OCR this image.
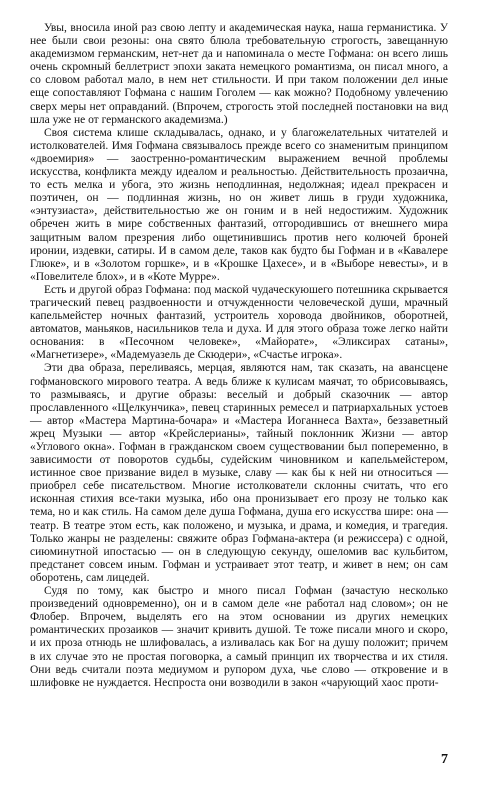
Увы, вносила иной раз свою лепту и академическая наука, наша германистика. У нее были свои резоны: она свято блюла требовательную строгость, завещанную академизмом германским, нет-нет да и напоминала о месте Гофмана: он всего лишь очень скромный беллетрист эпохи заката немецкого романтизма, он писал много, а со словом работал мало, в нем нет стильности. И при таком положении дел иные еще сопоставляют Гофмана с нашим Гоголем — как можно? Подобному увлечению сверх меры нет оправданий. (Впрочем, строгость этой последней постановки на вид шла уже не от германского академизма.)

Своя система клише складывалась, однако, и у благожелательных читателей и истолкователей. Имя Гофмана связывалось прежде всего со знаменитым принципом «двоемирия» — заостренно-романтическим выражением вечной проблемы искусства, конфликта между идеалом и реальностью. Действительность прозаична, то есть мелка и убога, это жизнь неподлинная, недолжная; идеал прекрасен и поэтичен, он — подлинная жизнь, но он живет лишь в груди художника, «энтузиаста», действительностью же он гоним и в ней недостижим. Художник обречен жить в мире собственных фантазий, отгородившись от внешнего мира защитным валом презрения либо ощетинившись против него колючей броней иронии, издевки, сатиры. И в самом деле, таков как будто бы Гофман и в «Кавалере Глюке», и в «Золотом горшке», и в «Крошке Цахесе», и в «Выборе невесты», и в «Повелителе блох», и в «Коте Мурре».

Есть и другой образ Гофмана: под маской чудаческуюшего потешника скрывается трагический певец раздвоенности и отчужденности человеческой души, мрачный капельмейстер ночных фантазий, устроитель хоровода двойников, оборотней, автоматов, маньяков, насильников тела и духа. И для этого образа тоже легко найти основания: в «Песочном человеке», «Майорате», «Эликсирах сатаны», «Магнетизере», «Мадемуазель де Скюдери», «Счастье игрока».

Эти два образа, переливаясь, мерцая, являются нам, так сказать, на авансцене гофмановского мирового театра. А ведь ближе к кулисам маячат, то обрисовываясь, то размываясь, и другие образы: веселый и добрый сказочник — автор прославленного «Щелкунчика», певец старинных ремесел и патриархальных устоев — автор «Мастера Мартина-бочара» и «Мастера Иоганнеса Вахта», беззаветный жрец Музыки — автор «Крейслерианы», тайный поклонник Жизни — автор «Углового окна». Гофман в гражданском своем существовании был попеременно, в зависимости от поворотов судьбы, судейским чиновником и капельмейстером, истинное свое призвание видел в музыке, славу — как бы к ней ни относиться — приобрел себе писательством. Многие истолкователи склонны считать, что его исконная стихия все-таки музыка, ибо она пронизывает его прозу не только как тема, но и как стиль. На самом деле душа Гофмана, душа его искусства шире: она — театр. В театре этом есть, как положено, и музыка, и драма, и комедия, и трагедия. Только жанры не разделены: свяжите образ Гофмана-актера (и режиссера) с одной, сиюминутной ипостасью — он в следующую секунду, ошеломив вас кульбитом, предстанет совсем иным. Гофман и устраивает этот театр, и живет в нем; он сам оборотень, сам лицедей.

Судя по тому, как быстро и много писал Гофман (зачастую несколько произведений одновременно), он и в самом деле «не работал над словом»; он не Флобер. Впрочем, выделять его на этом основании из других немецких романтических прозаиков — значит кривить душой. Те тоже писали много и скоро, и их проза отнюдь не шлифовалась, а изливалась как Бог на душу положит; причем в их случае это не простая поговорка, а самый принцип их творчества и их стиля. Они ведь считали поэта медиумом и рупором духа, чье слово — откровение и в шлифовке не нуждается. Неспроста они возводили в закон «чарующий хаос проти-

7
